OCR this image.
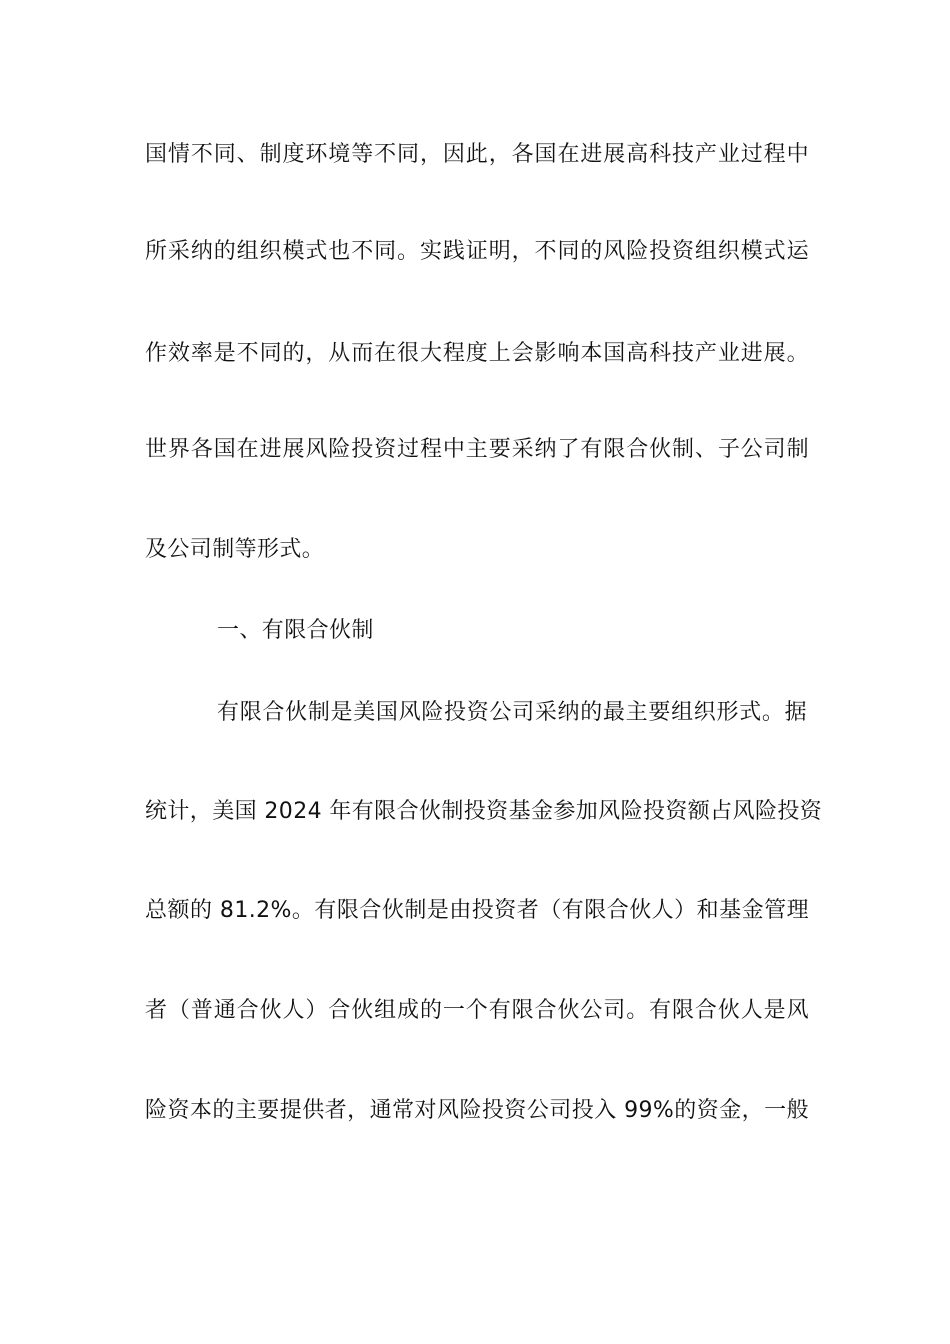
国情不同、制度环境等不同，因此，各国在进展高科技产业过程中
所采纳的组织模式也不同。实践证明，不同的风险投资组织模式运
作效率是不同的，从而在很大程度上会影响本国高科技产业进展。
世界各国在进展风险投资过程中主要采纳了有限合伙制、子公司制
及公司制等形式。
一、有限合伙制
有限合伙制是美国风险投资公司采纳的最主要组织形式。据
统计，美国 2024 年有限合伙制投资基金参加风险投资额占风险投资
总额的 81.2%。有限合伙制是由投资者（有限合伙人）和基金管理
者（普通合伙人）合伙组成的一个有限合伙公司。有限合伙人是风
险资本的主要提供者，通常对风险投资公司投入 99%的资金，一般
